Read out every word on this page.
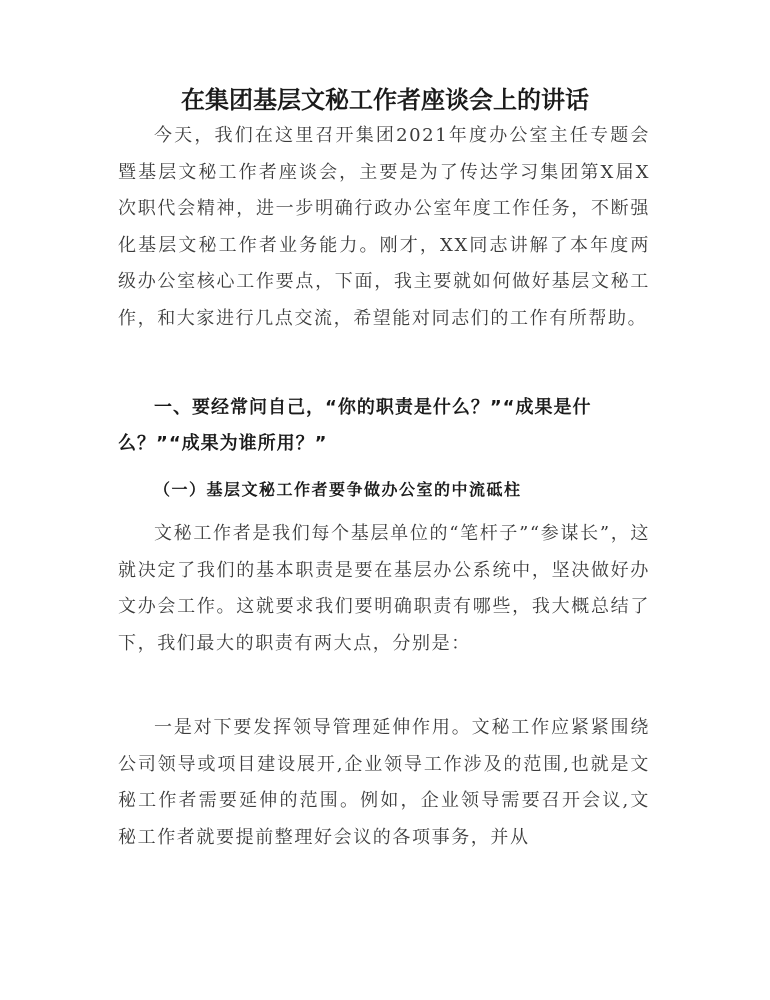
在集团基层文秘工作者座谈会上的讲话

今天，我们在这里召开集团2021年度办公室主任专题会暨基层文秘工作者座谈会，主要是为了传达学习集团第X届X次职代会精神，进一步明确行政办公室年度工作任务，不断强化基层文秘工作者业务能力。刚才，XX同志讲解了本年度两级办公室核心工作要点，下面，我主要就如何做好基层文秘工作，和大家进行几点交流，希望能对同志们的工作有所帮助。

一、要经常问自己，“你的职责是什么？”“成果是什么？”“成果为谁所用？”

（一）基层文秘工作者要争做办公室的中流砥柱

文秘工作者是我们每个基层单位的“笔杆子”“参谋长”，这就决定了我们的基本职责是要在基层办公系统中，坚决做好办文办会工作。这就要求我们要明确职责有哪些，我大概总结了下，我们最大的职责有两大点，分别是：

一是对下要发挥领导管理延伸作用。文秘工作应紧紧围绕公司领导或项目建设展开,企业领导工作涉及的范围,也就是文秘工作者需要延伸的范围。例如，企业领导需要召开会议,文秘工作者就要提前整理好会议的各项事务，并从
